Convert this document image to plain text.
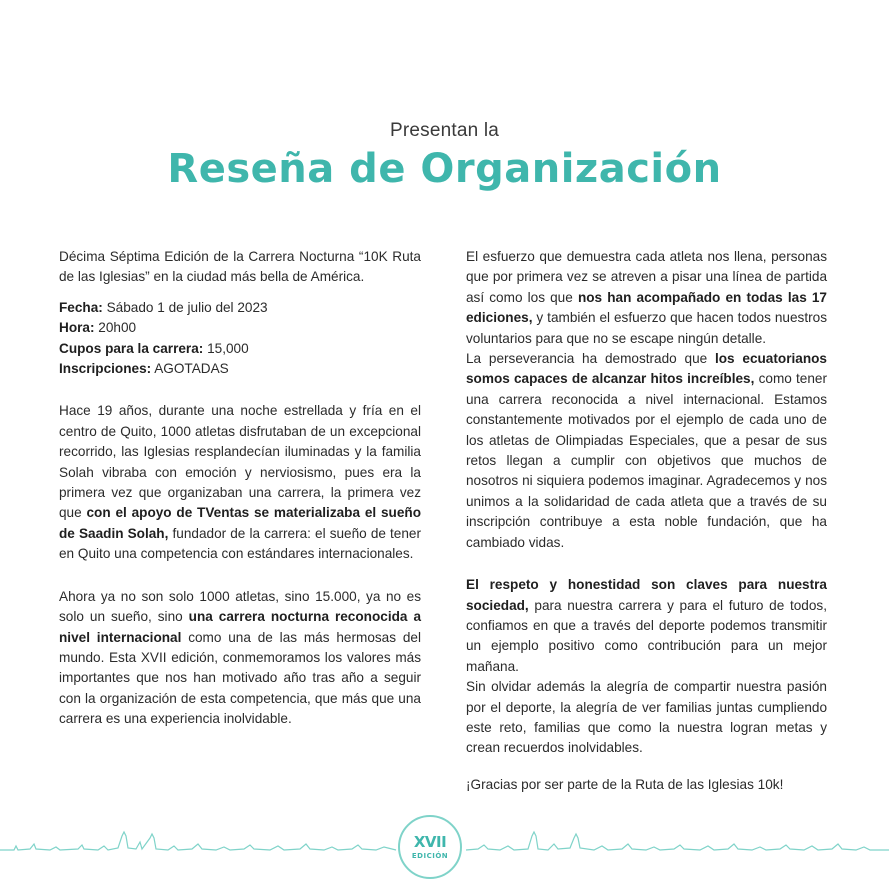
Presentan la
Reseña de Organización

Décima Séptima Edición de la Carrera Nocturna “10K Ruta de las Iglesias” en la ciudad más bella de América.

Fecha: Sábado 1 de julio del 2023

Hora: 20h00

Cupos para la carrera: 15,000

Inscripciones: AGOTADAS

Hace 19 años, durante una noche estrellada y fría en el centro de Quito, 1000 atletas disfrutaban de un excepcional recorrido, las Iglesias resplandecían iluminadas y la familia Solah vibraba con emoción y nerviosismo, pues era la primera vez que organizaban una carrera, la primera vez que con el apoyo de TVentas se materializaba el sueño de Saadin Solah, fundador de la carrera: el sueño de tener en Quito una competencia con estándares internacionales.

Ahora ya no son solo 1000 atletas, sino 15.000, ya no es solo un sueño, sino una carrera nocturna reconocida a nivel internacional como una de las más hermosas del mundo. Esta XVII edición, conmemoramos los valores más importantes que nos han motivado año tras año a seguir con la organización de esta competencia, que más que una carrera es una experiencia inolvidable.

El esfuerzo que demuestra cada atleta nos llena, personas que por primera vez se atreven a pisar una línea de partida así como los que nos han acompañado en todas las 17 ediciones, y también el esfuerzo que hacen todos nuestros voluntarios para que no se escape ningún detalle.

La perseverancia ha demostrado que los ecuatorianos somos capaces de alcanzar hitos increíbles, como tener una carrera reconocida a nivel internacional. Estamos constantemente motivados por el ejemplo de cada uno de los atletas de Olimpiadas Especiales, que a pesar de sus retos llegan a cumplir con objetivos que muchos de nosotros ni siquiera podemos imaginar. Agradecemos y nos unimos a la solidaridad de cada atleta que a través de su inscripción contribuye a esta noble fundación, que ha cambiado vidas.

El respeto y honestidad son claves para nuestra sociedad, para nuestra carrera y para el futuro de todos, confiamos en que a través del deporte podemos transmitir un ejemplo positivo como contribución para un mejor mañana.

Sin olvidar además la alegría de compartir nuestra pasión por el deporte, la alegría de ver familias juntas cumpliendo este reto, familias que como la nuestra logran metas y crean recuerdos inolvidables.

¡Gracias por ser parte de la Ruta de las Iglesias 10k!

XVII
EDICIÓN
